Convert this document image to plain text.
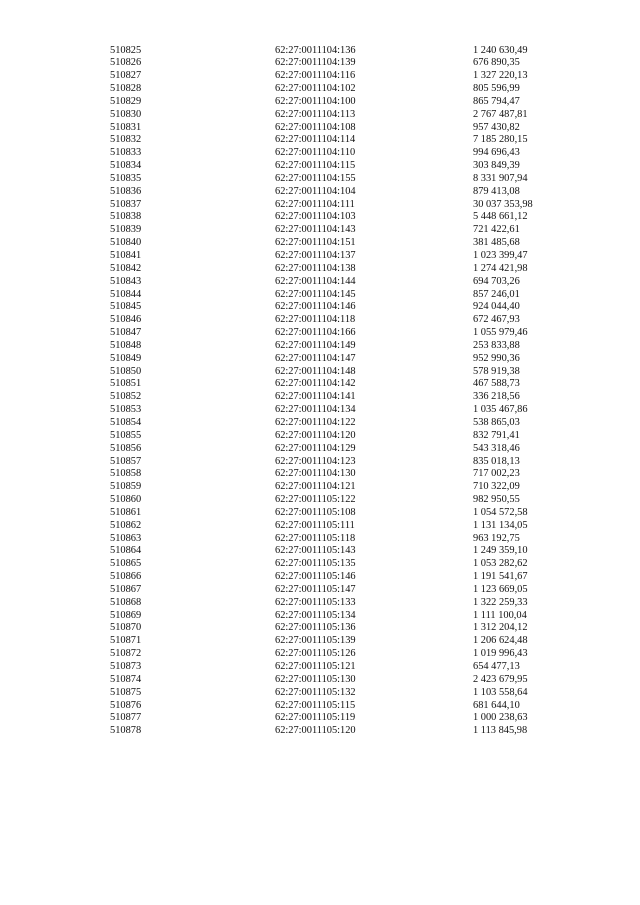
510825	62:27:0011104:136	1 240 630,49
510826	62:27:0011104:139	676 890,35
510827	62:27:0011104:116	1 327 220,13
510828	62:27:0011104:102	805 596,99
510829	62:27:0011104:100	865 794,47
510830	62:27:0011104:113	2 767 487,81
510831	62:27:0011104:108	957 430,82
510832	62:27:0011104:114	7 185 280,15
510833	62:27:0011104:110	994 696,43
510834	62:27:0011104:115	303 849,39
510835	62:27:0011104:155	8 331 907,94
510836	62:27:0011104:104	879 413,08
510837	62:27:0011104:111	30 037 353,98
510838	62:27:0011104:103	5 448 661,12
510839	62:27:0011104:143	721 422,61
510840	62:27:0011104:151	381 485,68
510841	62:27:0011104:137	1 023 399,47
510842	62:27:0011104:138	1 274 421,98
510843	62:27:0011104:144	694 703,26
510844	62:27:0011104:145	857 246,01
510845	62:27:0011104:146	924 044,40
510846	62:27:0011104:118	672 467,93
510847	62:27:0011104:166	1 055 979,46
510848	62:27:0011104:149	253 833,88
510849	62:27:0011104:147	952 990,36
510850	62:27:0011104:148	578 919,38
510851	62:27:0011104:142	467 588,73
510852	62:27:0011104:141	336 218,56
510853	62:27:0011104:134	1 035 467,86
510854	62:27:0011104:122	538 865,03
510855	62:27:0011104:120	832 791,41
510856	62:27:0011104:129	543 318,46
510857	62:27:0011104:123	835 018,13
510858	62:27:0011104:130	717 002,23
510859	62:27:0011104:121	710 322,09
510860	62:27:0011105:122	982 950,55
510861	62:27:0011105:108	1 054 572,58
510862	62:27:0011105:111	1 131 134,05
510863	62:27:0011105:118	963 192,75
510864	62:27:0011105:143	1 249 359,10
510865	62:27:0011105:135	1 053 282,62
510866	62:27:0011105:146	1 191 541,67
510867	62:27:0011105:147	1 123 669,05
510868	62:27:0011105:133	1 322 259,33
510869	62:27:0011105:134	1 111 100,04
510870	62:27:0011105:136	1 312 204,12
510871	62:27:0011105:139	1 206 624,48
510872	62:27:0011105:126	1 019 996,43
510873	62:27:0011105:121	654 477,13
510874	62:27:0011105:130	2 423 679,95
510875	62:27:0011105:132	1 103 558,64
510876	62:27:0011105:115	681 644,10
510877	62:27:0011105:119	1 000 238,63
510878	62:27:0011105:120	1 113 845,98
